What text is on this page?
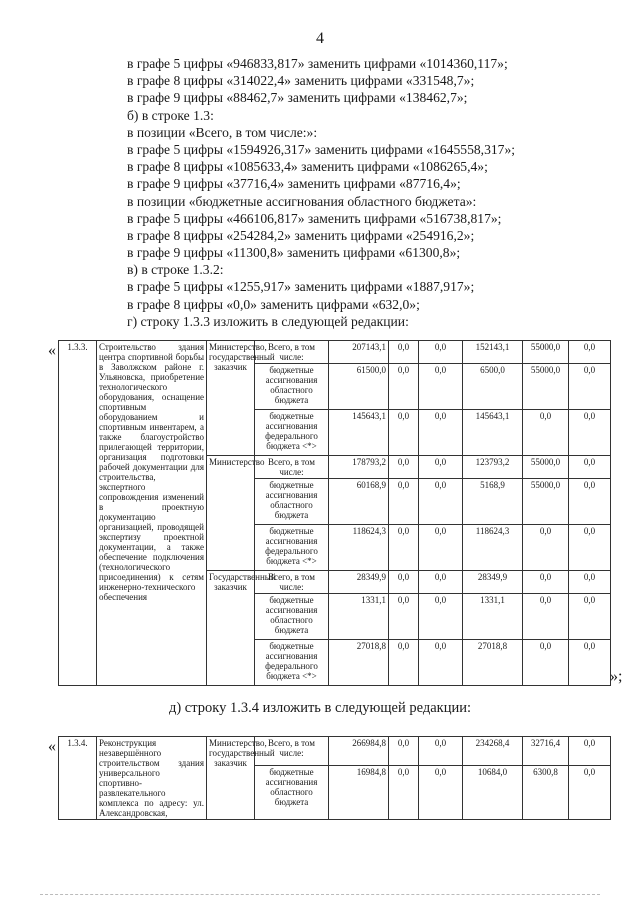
4
в графе 5 цифры «946833,817» заменить цифрами «1014360,117»;
в графе 8 цифры «314022,4» заменить цифрами «331548,7»;
в графе 9 цифры «88462,7» заменить цифрами «138462,7»;
б) в строке 1.3:
в позиции «Всего, в том числе:»:
в графе 5 цифры «1594926,317» заменить цифрами «1645558,317»;
в графе 8 цифры «1085633,4» заменить цифрами «1086265,4»;
в графе 9 цифры «37716,4» заменить цифрами «87716,4»;
в позиции «бюджетные ассигнования областного бюджета»:
в графе 5 цифры «466106,817» заменить цифрами «516738,817»;
в графе 8 цифры «254284,2» заменить цифрами «254916,2»;
в графе 9 цифры «11300,8» заменить цифрами «61300,8»;
в) в строке 1.3.2:
в графе 5 цифры «1255,917» заменить цифрами «1887,917»;
в графе 8 цифры «0,0» заменить цифрами «632,0»;
г) строку 1.3.3 изложить в следующей редакции:
«
»;
1.3.3.	Строительство здания центра спортивной борьбы в Заволжском районе г. Ульяновска, приобретение технологического оборудования, оснащение спортивным оборудованием и спортивным инвентарем, а также благоустройство прилегающей территории, организация подготовки рабочей документации для строительства, экспертного сопровождения изменений в проектную документацию организацией, проводящей экспертизу проектной документации, а также обеспечение подключения (технологического присоединения) к сетям инженерно-технического обеспечения	Министерство, государственный заказчик	Всего, в том числе:	207143,1	0,0	0,0	152143,1	55000,0	0,0
			бюджетные ассигнования областного бюджета	61500,0	0,0	0,0	6500,0	55000,0	0,0
			бюджетные ассигнования федерального бюджета <*>	145643,1	0,0	0,0	145643,1	0,0	0,0
		Министерство	Всего, в том числе:	178793,2	0,0	0,0	123793,2	55000,0	0,0
			бюджетные ассигнования областного бюджета	60168,9	0,0	0,0	5168,9	55000,0	0,0
			бюджетные ассигнования федерального бюджета <*>	118624,3	0,0	0,0	118624,3	0,0	0,0
		Государственный заказчик	Всего, в том числе:	28349,9	0,0	0,0	28349,9	0,0	0,0
			бюджетные ассигнования областного бюджета	1331,1	0,0	0,0	1331,1	0,0	0,0
			бюджетные ассигнования федерального бюджета <*>	27018,8	0,0	0,0	27018,8	0,0	0,0
д) строку 1.3.4 изложить в следующей редакции:
« 1.3.4.	Реконструкция незавершённого строительством здания универсального спортивно-развлекательного комплекса по адресу: ул. Александровская,	Министерство, государственный заказчик	Всего, в том числе:	266984,8	0,0	0,0	234268,4	32716,4	0,0
			бюджетные ассигнования областного бюджета	16984,8	0,0	0,0	10684,0	6300,8	0,0
